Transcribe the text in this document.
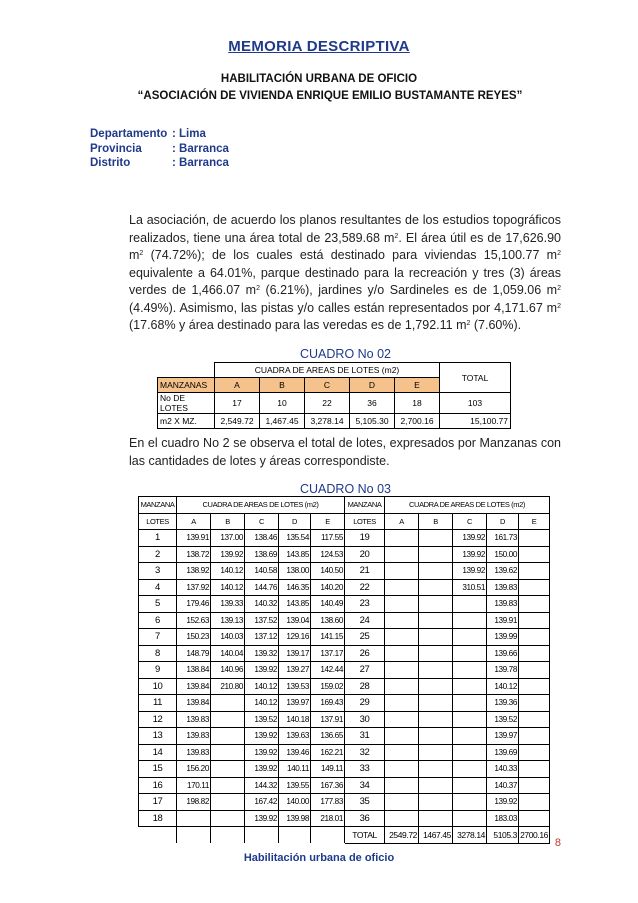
MEMORIA DESCRIPTIVA
HABILITACIÓN URBANA DE OFICIO
“ASOCIACIÓN DE VIVIENDA ENRIQUE EMILIO BUSTAMANTE REYES”
Departamento : Lima
Provincia	: Barranca
Distrito	: Barranca
La asociación, de acuerdo los planos resultantes de los estudios topográficos realizados, tiene una área total de 23,589.68 $m^2$. El área útil es de 17,626.90 $m^2$ (74.72%); de los cuales está destinado para viviendas 15,100.77 $m^2$ equivalente a 64.01%, parque destinado para la recreación y tres (3) áreas verdes de 1,466.07 $m^2$ (6.21%), jardines y/o Sardineles es de 1,059.06 $m^2$ (4.49%). Asimismo, las pistas y/o calles están representados por 4,171.67 $m^2$ (17.68% y área destinado para las veredas es de 1,792.11 $m^2$ (7.60%).
CUADRO No 02
	CUADRA DE AREAS DE LOTES (m2)					TOTAL
MANZANAS	A	B	C	D	E	
No DE LOTES	17	10	22	36	18	103
m2 X MZ.	2,549.72	1,467.45	3,278.14	5,105.30	2,700.16	15,100.77
En el cuadro No 2 se observa el total de lotes, expresados por Manzanas con las cantidades de lotes y áreas correspondiste.
CUADRO No 03
MANZANA	CUADRA DE AREAS DE LOTES (m2)					MANZANA	CUADRA DE AREAS DE LOTES (m2)				
LOTES	A	B	C	D	E	LOTES	A	B	C	D	E
1	139.91	137.00	138.46	135.54	117.55	19			139.92	161.73	
2	138.72	139.92	138.69	143.85	124.53	20			139.92	150.00	
3	138.92	140.12	140.58	138.00	140.50	21			139.92	139.62	
4	137.92	140.12	144.76	146.35	140.20	22			310.51	139.83	
5	179.46	139.33	140.32	143.85	140.49	23				139.83	
6	152.63	139.13	137.52	139.04	138.60	24				139.91	
7	150.23	140.03	137.12	129.16	141.15	25				139.99	
8	148.79	140.04	139.32	139.17	137.17	26				139.66	
9	138.84	140.96	139.92	139.27	142.44	27				139.78	
10	139.84	210.80	140.12	139.53	159.02	28				140.12	
11	139.84		140.12	139.97	169.43	29				139.36	
12	139.83		139.52	140.18	137.91	30				139.52	
13	139.83		139.92	139.63	136.65	31				139.97	
14	139.83		139.92	139.46	162.21	32				139.69	
15	156.20		139.92	140.11	149.11	33				140.33	
16	170.11		144.32	139.55	167.36	34				140.37	
17	198.82		167.42	140.00	177.83	35				139.92	
18			139.92	139.98	218.01	36				183.03	
						TOTAL	2549.72	1467.45	3278.14	5105.3	2700.16
8
Habilitación urbana de oficio
